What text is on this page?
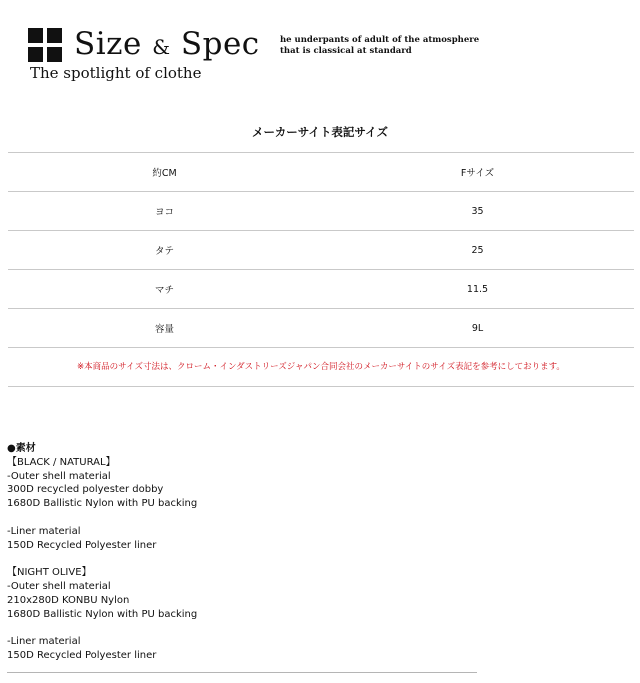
Size & Spec
The spotlight of clothe
he underpants of adult of the atmosphere
that is classical at standard
メーカーサイト表記サイズ
約CM	Fサイズ
ヨコ	35
タテ	25
マチ	11.5
容量	9L
※本商品のサイズ寸法は、クローム・インダストリーズジャパン合同会社のメーカーサイトのサイズ表記を参考にしております。
●素材
【BLACK / NATURAL】
-Outer shell material
300D recycled polyester dobby
1680D Ballistic Nylon with PU backing
-Liner material
150D Recycled Polyester liner
【NIGHT OLIVE】
-Outer shell material
210x280D KONBU Nylon
1680D Ballistic Nylon with PU backing
-Liner material
150D Recycled Polyester liner
